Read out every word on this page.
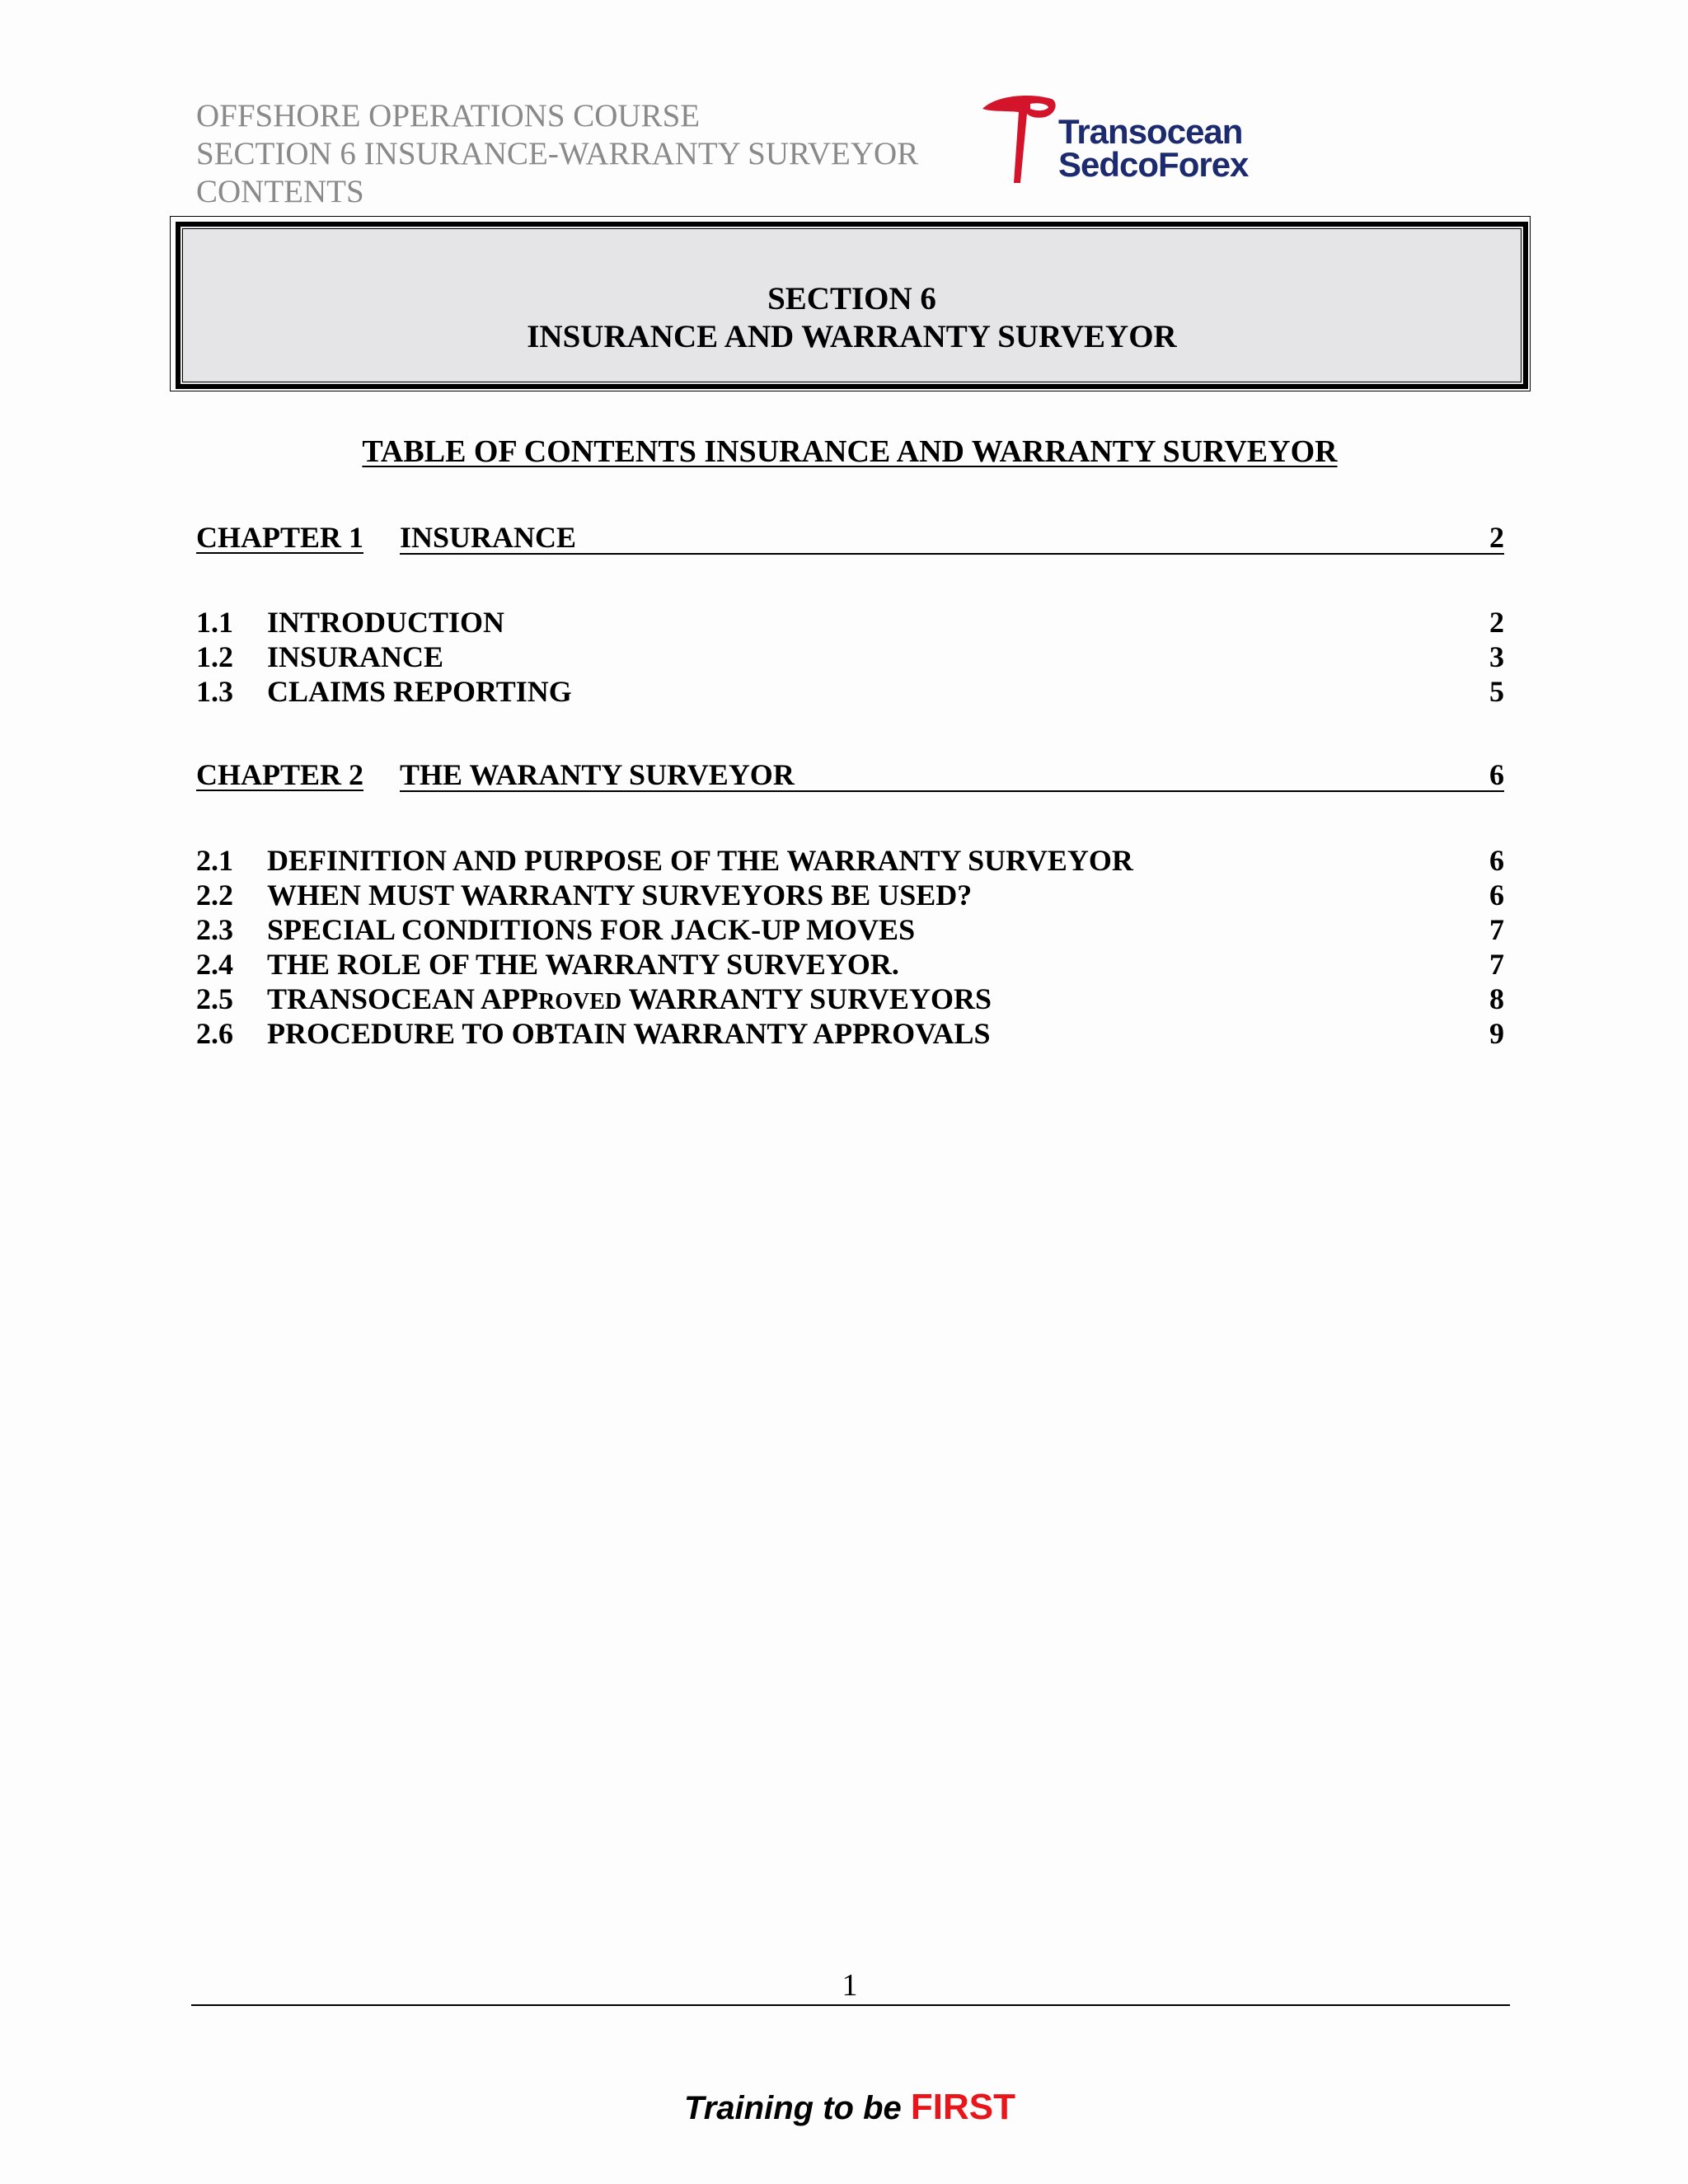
OFFSHORE OPERATIONS COURSE
SECTION 6 INSURANCE-WARRANTY SURVEYOR
CONTENTS
Transocean
SedcoForex
SECTION 6
INSURANCE AND WARRANTY SURVEYOR
TABLE OF CONTENTS INSURANCE AND WARRANTY SURVEYOR
CHAPTER 1 INSURANCE	2
1.1 INTRODUCTION	2
1.2 INSURANCE	3
1.3 CLAIMS REPORTING	5
CHAPTER 2 THE WARANTY SURVEYOR	6
2.1 DEFINITION AND PURPOSE OF THE WARRANTY SURVEYOR	6
2.2 WHEN MUST WARRANTY SURVEYORS BE USED?	6
2.3 SPECIAL CONDITIONS FOR JACK-UP MOVES	7
2.4 THE ROLE OF THE WARRANTY SURVEYOR.	7
2.5 TRANSOCEAN APPROVED WARRANTY SURVEYORS	8
2.6 PROCEDURE TO OBTAIN WARRANTY APPROVALS	9
1
Training to be FIRST
